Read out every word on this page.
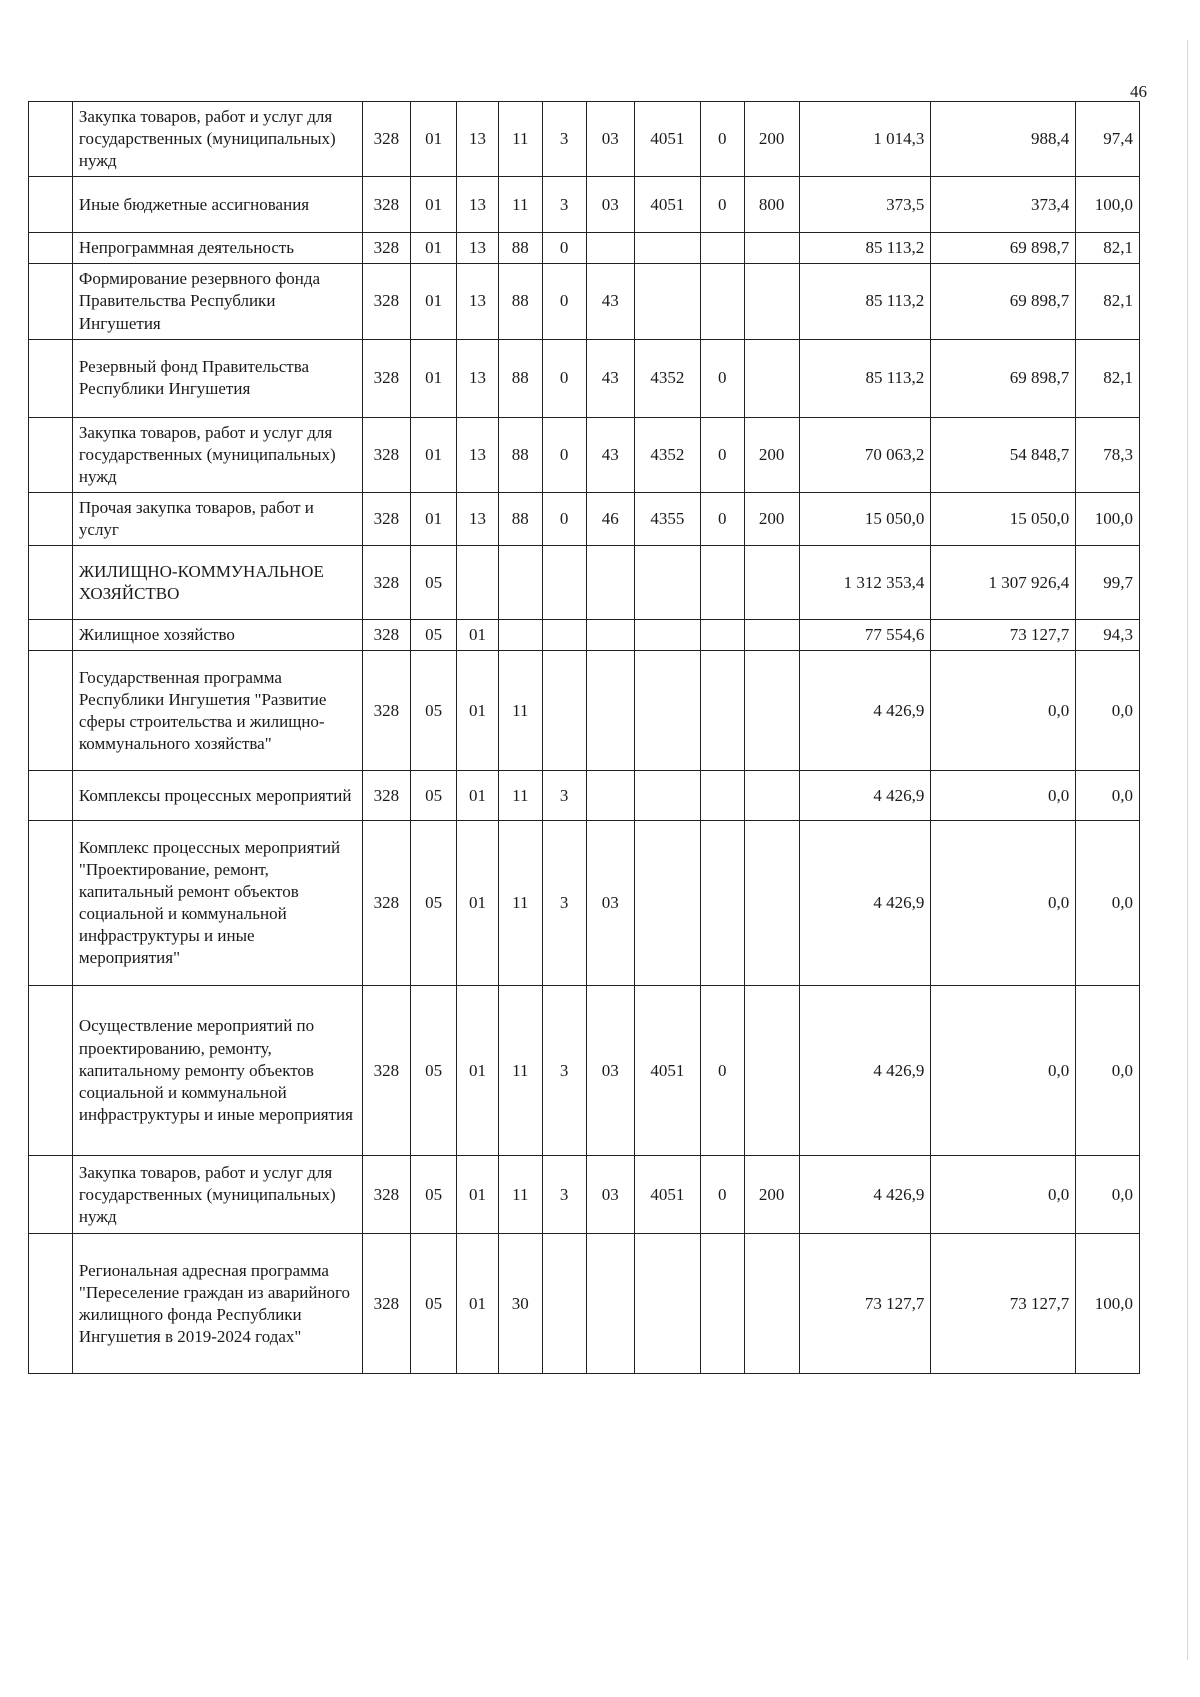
46
	Закупка товаров, работ и услуг для государственных (муниципальных) нужд	328	01	13	11	3	03	4051	0	200	1 014,3	988,4	97,4
	Иные бюджетные ассигнования	328	01	13	11	3	03	4051	0	800	373,5	373,4	100,0
	Непрограммная деятельность	328	01	13	88	0					85 113,2	69 898,7	82,1
	Формирование резервного фонда Правительства Республики Ингушетия	328	01	13	88	0	43				85 113,2	69 898,7	82,1
	Резервный фонд Правительства Республики Ингушетия	328	01	13	88	0	43	4352	0		85 113,2	69 898,7	82,1
	Закупка товаров, работ и услуг для государственных (муниципальных) нужд	328	01	13	88	0	43	4352	0	200	70 063,2	54 848,7	78,3
	Прочая закупка товаров, работ и услуг	328	01	13	88	0	46	4355	0	200	15 050,0	15 050,0	100,0
	ЖИЛИЩНО-КОММУНАЛЬНОЕ ХОЗЯЙСТВО	328	05								1 312 353,4	1 307 926,4	99,7
	Жилищное хозяйство	328	05	01							77 554,6	73 127,7	94,3
	Государственная программа Республики Ингушетия "Развитие сферы строительства и жилищно-коммунального хозяйства"	328	05	01	11						4 426,9	0,0	0,0
	Комплексы процессных мероприятий	328	05	01	11	3					4 426,9	0,0	0,0
	Комплекс процессных мероприятий "Проектирование, ремонт, капитальный ремонт объектов социальной и коммунальной инфраструктуры и иные мероприятия"	328	05	01	11	3	03				4 426,9	0,0	0,0
	Осуществление мероприятий по проектированию, ремонту, капитальному ремонту объектов социальной и коммунальной инфраструктуры и иные мероприятия	328	05	01	11	3	03	4051	0		4 426,9	0,0	0,0
	Закупка товаров, работ и услуг для государственных (муниципальных) нужд	328	05	01	11	3	03	4051	0	200	4 426,9	0,0	0,0
	Региональная адресная программа "Переселение граждан из аварийного жилищного фонда Республики Ингушетия в 2019-2024 годах"	328	05	01	30						73 127,7	73 127,7	100,0
